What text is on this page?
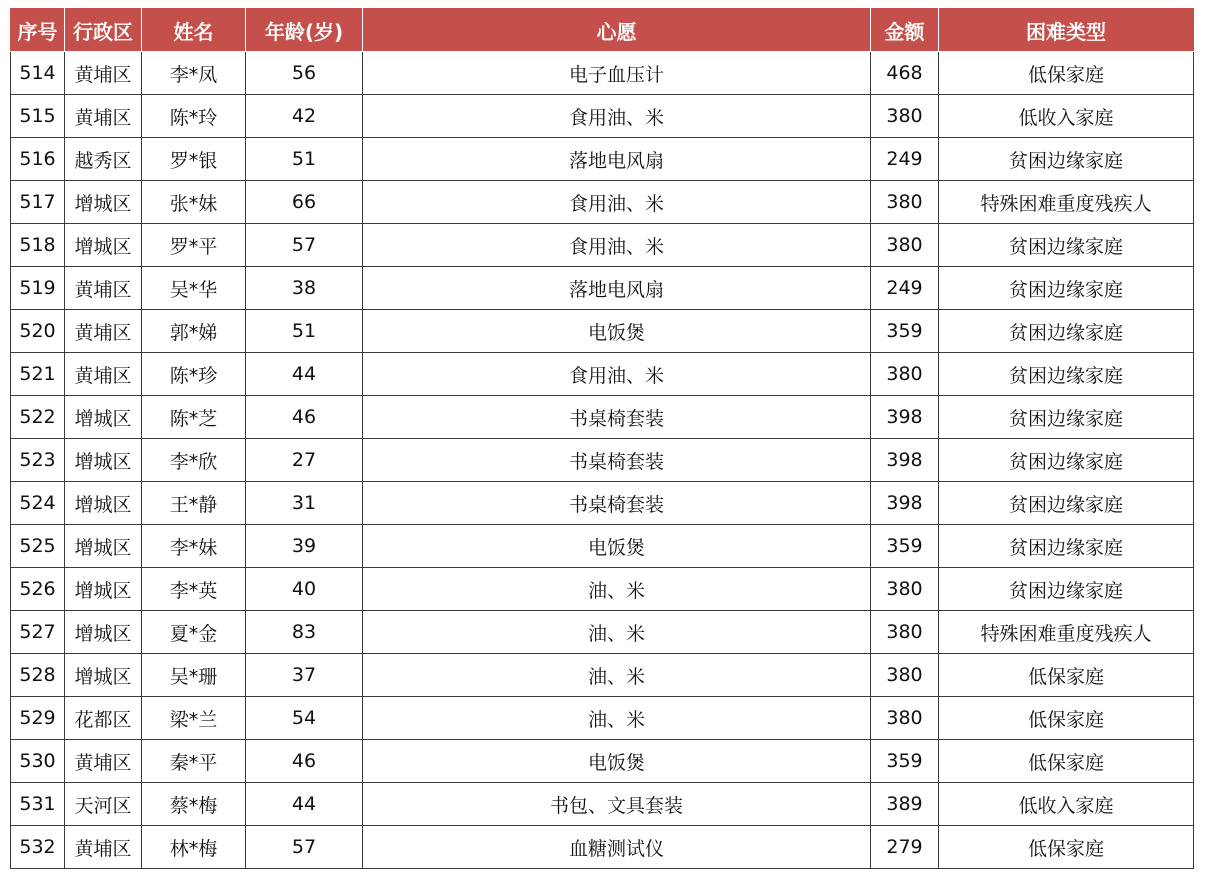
序号	行政区	姓名	年龄(岁)	心愿	金额	困难类型
514	黄埔区	李*凤	56	电子血压计	468	低保家庭
515	黄埔区	陈*玲	42	食用油、米	380	低收入家庭
516	越秀区	罗*银	51	落地电风扇	249	贫困边缘家庭
517	增城区	张*妹	66	食用油、米	380	特殊困难重度残疾人
518	增城区	罗*平	57	食用油、米	380	贫困边缘家庭
519	黄埔区	吴*华	38	落地电风扇	249	贫困边缘家庭
520	黄埔区	郭*娣	51	电饭煲	359	贫困边缘家庭
521	黄埔区	陈*珍	44	食用油、米	380	贫困边缘家庭
522	增城区	陈*芝	46	书桌椅套装	398	贫困边缘家庭
523	增城区	李*欣	27	书桌椅套装	398	贫困边缘家庭
524	增城区	王*静	31	书桌椅套装	398	贫困边缘家庭
525	增城区	李*妹	39	电饭煲	359	贫困边缘家庭
526	增城区	李*英	40	油、米	380	贫困边缘家庭
527	增城区	夏*金	83	油、米	380	特殊困难重度残疾人
528	增城区	吴*珊	37	油、米	380	低保家庭
529	花都区	梁*兰	54	油、米	380	低保家庭
530	黄埔区	秦*平	46	电饭煲	359	低保家庭
531	天河区	蔡*梅	44	书包、文具套装	389	低收入家庭
532	黄埔区	林*梅	57	血糖测试仪	279	低保家庭
